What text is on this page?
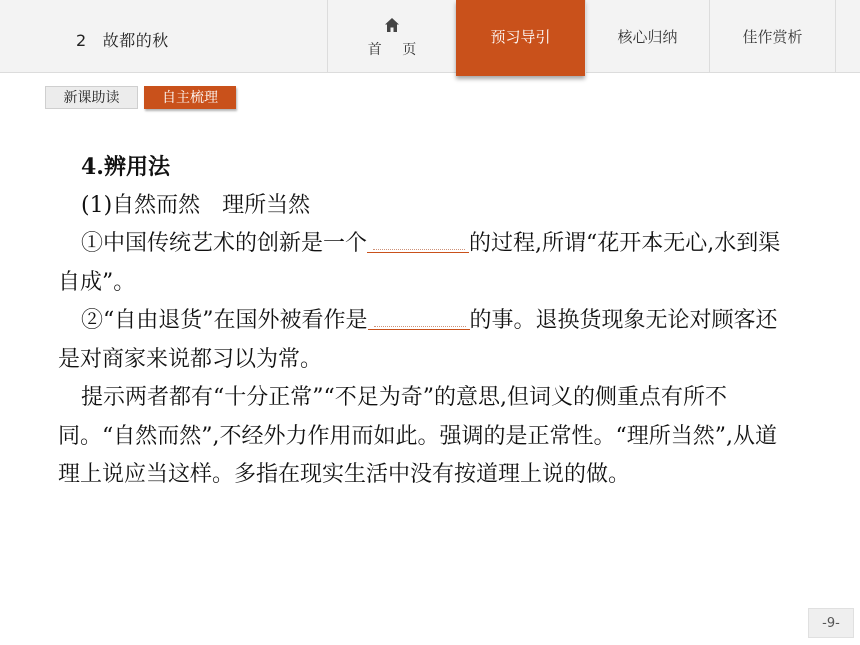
2 故都的秋	首 页
预习导引	核心归纳	佳作赏析
新课助读	自主梳理

4.辨用法

(1)自然而然　理所当然

①中国传统艺术的创新是一个	的过程,所谓“花开本无心,水到渠自成”。

②“自由退货”在国外被看作是	的事。退换货现象无论对顾客还是对商家来说都习以为常。

提示两者都有“十分正常”“不足为奇”的意思,但词义的侧重点有所不同。“自然而然”,不经外力作用而如此。强调的是正常性。“理所当然”,从道理上说应当这样。多指在现实生活中没有按道理上说的做。

-9-
